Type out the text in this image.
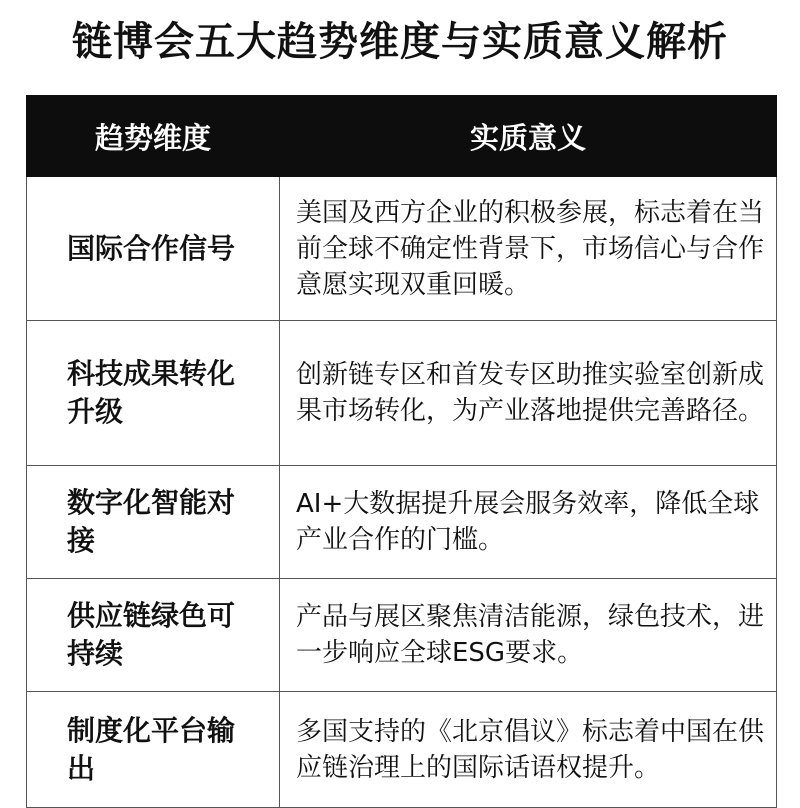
链博会五大趋势维度与实质意义解析
趋势维度	实质意义
国际合作信号	美国及西方企业的积极参展，标志着在当前全球不确定性背景下，市场信心与合作意愿实现双重回暖。
科技成果转化升级	创新链专区和首发专区助推实验室创新成果市场转化，为产业落地提供完善路径。
数字化智能对接	AI+大数据提升展会服务效率，降低全球产业合作的门槛。
供应链绿色可持续	产品与展区聚焦清洁能源，绿色技术，进一步响应全球ESG要求。
制度化平台输出	多国支持的《北京倡议》标志着中国在供应链治理上的国际话语权提升。
